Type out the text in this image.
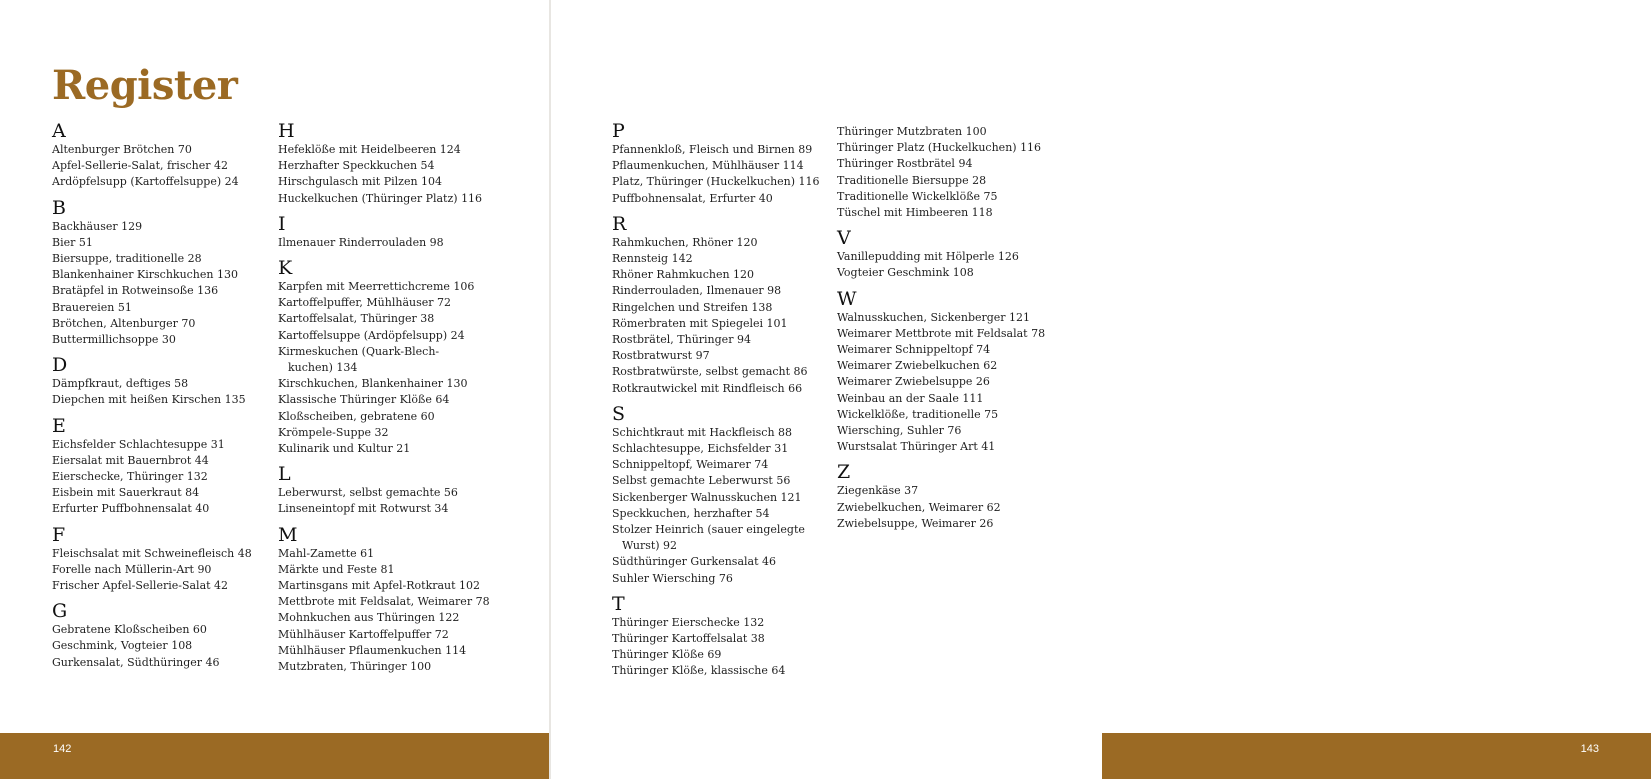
Register
A
Altenburger Brötchen 70
Apfel-Sellerie-Salat, frischer 42
Ardöpfelsupp (Kartoffelsuppe) 24
B
Backhäuser 129
Bier 51
Biersuppe, traditionelle 28
Blankenhainer Kirschkuchen 130
Bratäpfel in Rotweinsoße 136
Brauereien 51
Brötchen, Altenburger 70
Buttermillichsoppe 30
D
Dämpfkraut, deftiges 58
Diepchen mit heißen Kirschen 135
E
Eichsfelder Schlachtesuppe 31
Eiersalat mit Bauernbrot 44
Eierschecke, Thüringer 132
Eisbein mit Sauerkraut 84
Erfurter Puffbohnensalat 40
F
Fleischsalat mit Schweinefleisch 48
Forelle nach Müllerin-Art 90
Frischer Apfel-Sellerie-Salat 42
G
Gebratene Kloßscheiben 60
Geschmink, Vogteier 108
Gurkensalat, Südthüringer 46
H
Hefeklöße mit Heidelbeeren 124
Herzhafter Speckkuchen 54
Hirschgulasch mit Pilzen 104
Huckelkuchen (Thüringer Platz) 116
I
Ilmenauer Rinderrouladen 98
K
Karpfen mit Meerrettichcreme 106
Kartoffelpuffer, Mühlhäuser 72
Kartoffelsalat, Thüringer 38
Kartoffelsuppe (Ardöpfelsupp) 24
Kirmeskuchen (Quark-Blech-
kuchen) 134
Kirschkuchen, Blankenhainer 130
Klassische Thüringer Klöße 64
Kloßscheiben, gebratene 60
Krömpele-Suppe 32
Kulinarik und Kultur 21
L
Leberwurst, selbst gemachte 56
Linseneintopf mit Rotwurst 34
M
Mahl-Zamette 61
Märkte und Feste 81
Martinsgans mit Apfel-Rotkraut 102
Mettbrote mit Feldsalat, Weimarer 78
Mohnkuchen aus Thüringen 122
Mühlhäuser Kartoffelpuffer 72
Mühlhäuser Pflaumenkuchen 114
Mutzbraten, Thüringer 100
142
P
Pfannenkloß, Fleisch und Birnen 89
Pflaumenkuchen, Mühlhäuser 114
Platz, Thüringer (Huckelkuchen) 116
Puffbohnensalat, Erfurter 40
R
Rahmkuchen, Rhöner 120
Rennsteig 142
Rhöner Rahmkuchen 120
Rinderrouladen, Ilmenauer 98
Ringelchen und Streifen 138
Römerbraten mit Spiegelei 101
Rostbrätel, Thüringer 94
Rostbratwurst 97
Rostbratwürste, selbst gemacht 86
Rotkrautwickel mit Rindfleisch 66
S
Schichtkraut mit Hackfleisch 88
Schlachtesuppe, Eichsfelder 31
Schnippeltopf, Weimarer 74
Selbst gemachte Leberwurst 56
Sickenberger Walnusskuchen 121
Speckkuchen, herzhafter 54
Stolzer Heinrich (sauer eingelegte
Wurst) 92
Südthüringer Gurkensalat 46
Suhler Wiersching 76
T
Thüringer Eierschecke 132
Thüringer Kartoffelsalat 38
Thüringer Klöße 69
Thüringer Klöße, klassische 64
Thüringer Mutzbraten 100
Thüringer Platz (Huckelkuchen) 116
Thüringer Rostbrätel 94
Traditionelle Biersuppe 28
Traditionelle Wickelklöße 75
Tüschel mit Himbeeren 118
V
Vanillepudding mit Hölperle 126
Vogteier Geschmink 108
W
Walnusskuchen, Sickenberger 121
Weimarer Mettbrote mit Feldsalat 78
Weimarer Schnippeltopf 74
Weimarer Zwiebelkuchen 62
Weimarer Zwiebelsuppe 26
Weinbau an der Saale 111
Wickelklöße, traditionelle 75
Wiersching, Suhler 76
Wurstsalat Thüringer Art 41
Z
Ziegenkäse 37
Zwiebelkuchen, Weimarer 62
Zwiebelsuppe, Weimarer 26
143
